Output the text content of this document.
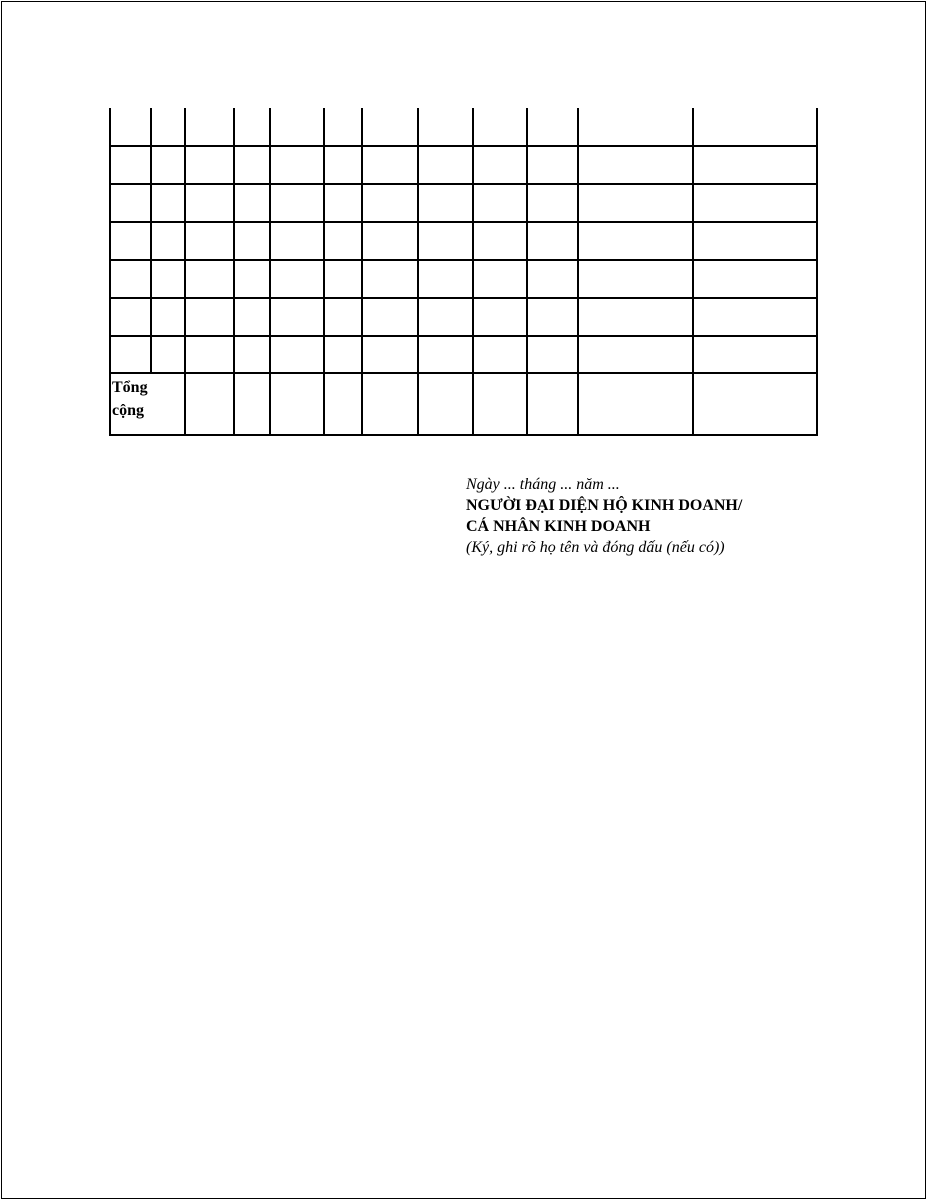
Tổng
cộng
Ngày ... tháng ... năm ...
NGƯỜI ĐẠI DIỆN HỘ KINH DOANH/
CÁ NHÂN KINH DOANH
(Ký, ghi rõ họ tên và đóng dấu (nếu có))
